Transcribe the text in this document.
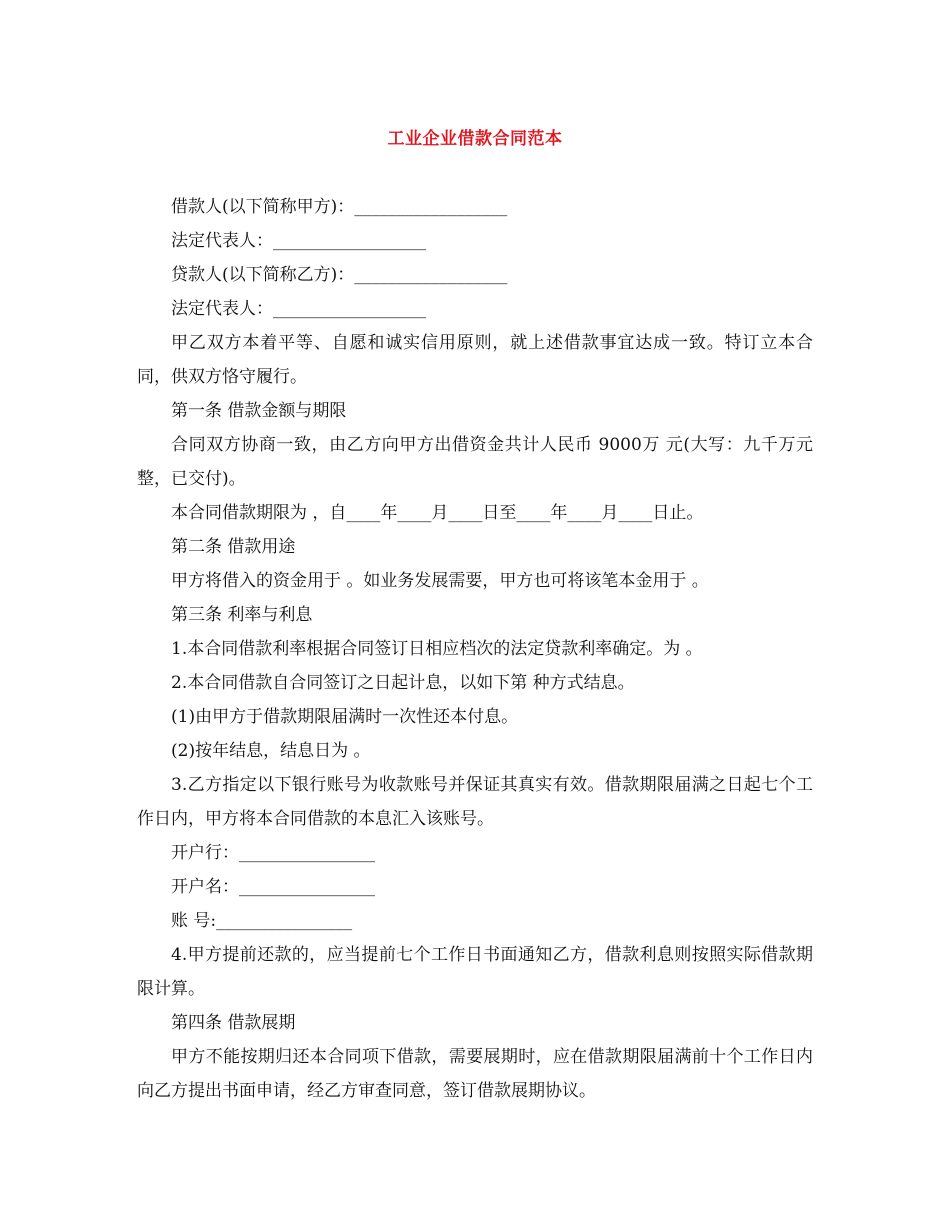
工业企业借款合同范本

借款人(以下简称甲方)：__________________

法定代表人：__________________

贷款人(以下简称乙方)：__________________

法定代表人：__________________

甲乙双方本着平等、自愿和诚实信用原则，就上述借款事宜达成一致。特订立本合同，供双方恪守履行。

第一条 借款金额与期限

合同双方协商一致，由乙方向甲方出借资金共计人民币 9000万 元(大写：九千万元整，已交付)。

本合同借款期限为 ，自____年____月____日至____年____月____日止。

第二条 借款用途

甲方将借入的资金用于 。如业务发展需要，甲方也可将该笔本金用于 。

第三条 利率与利息

1.本合同借款利率根据合同签订日相应档次的法定贷款利率确定。为 。

2.本合同借款自合同签订之日起计息，以如下第 种方式结息。

(1)由甲方于借款期限届满时一次性还本付息。

(2)按年结息，结息日为 。

3.乙方指定以下银行账号为收款账号并保证其真实有效。借款期限届满之日起七个工作日内，甲方将本合同借款的本息汇入该账号。

开户行：________________

开户名：________________

账 号:________________

4.甲方提前还款的，应当提前七个工作日书面通知乙方，借款利息则按照实际借款期限计算。

第四条 借款展期

甲方不能按期归还本合同项下借款，需要展期时，应在借款期限届满前十个工作日内向乙方提出书面申请，经乙方审查同意，签订借款展期协议。
